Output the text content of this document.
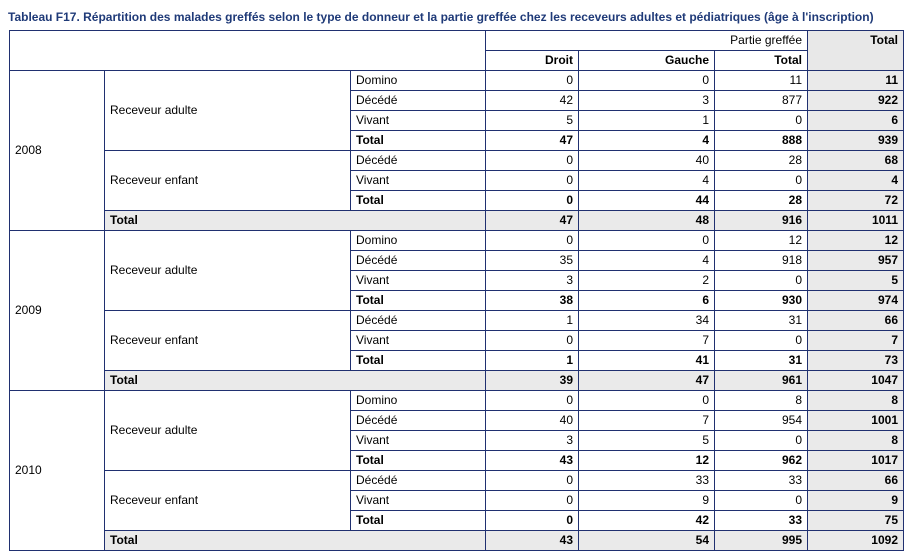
Tableau F17. Répartition des malades greffés selon le type de donneur et la partie greffée chez les receveurs adultes et pédiatriques (âge à l'inscription)
			Partie greffée			Total
			Droit	Gauche	Total	
2008	Receveur adulte	Domino	0	0	11	11
		Décédé	42	3	877	922
		Vivant	5	1	0	6
		Total	47	4	888	939
	Receveur enfant	Décédé	0	40	28	68
		Vivant	0	4	0	4
		Total	0	44	28	72
	Total		47	48	916	1011
2009	Receveur adulte	Domino	0	0	12	12
		Décédé	35	4	918	957
		Vivant	3	2	0	5
		Total	38	6	930	974
	Receveur enfant	Décédé	1	34	31	66
		Vivant	0	7	0	7
		Total	1	41	31	73
	Total		39	47	961	1047
2010	Receveur adulte	Domino	0	0	8	8
		Décédé	40	7	954	1001
		Vivant	3	5	0	8
		Total	43	12	962	1017
	Receveur enfant	Décédé	0	33	33	66
		Vivant	0	9	0	9
		Total	0	42	33	75
	Total		43	54	995	1092
